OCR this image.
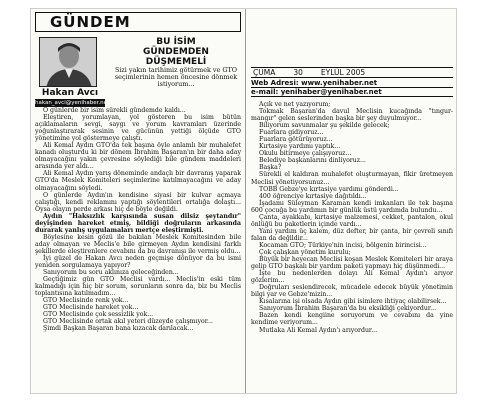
GÜNDEM
Hakan Avcı
hakan_avci@yenihaber.net
BU İSİM
GÜNDEMDEN
DÜŞMEMELİ

Sizi yakın tarihimiz götürmek ve GTO seçimlerinin hemen öncesine dönmek istiyorum...

O günlerde bir isim sürekli gündemde kaldı...

Eleştiren, yorumlayan, yol gösteren bu isim bütün açıklamaların sevgi, saygı ve yorum kavramları üzerinde yoğunlaştırarak sesinin ve gücünün yettiği ölçüde GTO yönetimine yol göstermeye çalıştı.

Ali Kemal Aydın GTO'da tek başına öyle anlamlı bir muhalefet kanadı oluşturdu ki bir dönem İbrahim Başaran'ın bir daha aday olmayacağını yakın çevresine söylediği bile gündem maddeleri arasında yer aldı...

Ali Kemal Aydın yarış döneminde andaçlı bir davranış yaparak GTO'da Meslek Komiteleri seçimlerine katılmayacağını ve aday olmayacağını söyledi.

O günlerde Aydın'ın kendisine siyasi bir kulvar açmaya çalıştığı, kendi reklamını yaptığı söylentileri ortalığa dolaştı... Oysa olayın perde arkası hiç de böyle değildi.

Aydın "Haksızlık karşısında susan dilsiz şeytandır" deyişinden hareket etmiş, bildiği doğruların arkasında durarak yanlış uygulamaları mertçe eleştirmişti.

Böylesine kesin gözü ile bakılan Meslek Komitesinden bile aday olmayan ve Meclis'e bile girmeyen Aydın kendisini farklı şekillerde eleştirenlere cevabını da bu davranışı ile vermiş oldu...

İyi güzel de Hakan Avcı neden geçmişe dönüyor da bu ismi yeniden sorgulamaya yapıyor?

Sanıyorum bu soru aklınıza geleceğinden...

Geçtiğimiz gün GTO Meclisi vardı... Meclis'in eski tüm kalmadığı için hiç bir sorum, sorunların sonra da, biz bu Meclis toplantısına katılmadım...

GTO Meclisinde renk yok...

GTO Meclisinde hareket yok...

GTO Meclisinde çok sessizlik yok...

GTO Meclisinde ortak akıl yeteri düzeyde çalışmıyor...

Şimdi Başkan Başaran bana kızacak darılacak...

ÇUMA 30 EYLÜL 2005
Web Adresi: www.yenihaber.net
e-mail: yenihaber@yenihaber.net

Açık ve net yazıyorum;

Tokmak Başaran'da davul Meclisin kucağında "tıngur-mangır" gelen seslerinden başka bir şey duyulmuyor...

Biliyorum savunmalar şu şekilde gelecek;

Fuarlara gidiyoruz...

Fuarlara götürüyoruz...

Kırtasiye yardımı yaptık...

Okulu bitirmeye çalışıyoruz...

Belediye başkanlarını dinliyoruz...

Başka?

Sürekli el kaldıran muhalefet oluşturmayan, fikir üretmeyen Meclisi yönetiyorsunuz...

TOBB Gebze'ye kırtasiye yardımı gönderdi...

400 öğrenciye kırtasiye dağıtıldı...

İşadamı Süleyman Karaman kendi imkanları ile tek başına 600 çocuğa bu yardımın bir günlük üstü yardımda bulundu...

Çanta, ayakkabı, kırtasiye malzemesi, cekket, pantalon, okul önlüğü bu paketlerin içinde vardı...

Yani yardım üç kalem, düz defter, bir çanta, bir çevreli sınıfı falan da değildir...

Kocaman GTO; Türkiye'nin incisi, bölgenin birincisi...

Çok çalışkan yönetim kurulu;

Büyük bir heyecan Meclisi koşan Meslek Komiteleri bir araya gelip GTO başkalı bir yardım paketi yapmayı hiç düşünmedi...

İşte bu nedenlerden dolayı Ali Kemal Aydın'ı arıyor gözlerim...

Doğruları seslendirecek, mücadele edecek büyük yönetimin bilgi yar ve Gebze'mizin...

Kısalarına işi olsada Aydın gibi isimlere ihtiyaç olabilirsek...

Sanıyorum İbrahim Başaran'da bu eksikliği çekiyordur...

Bazen kendi kengiine soruyorum ve cevabını da yine kendime veriyorum...

Mutlaka Ali Kemal Aydın'ı arıyordur...
